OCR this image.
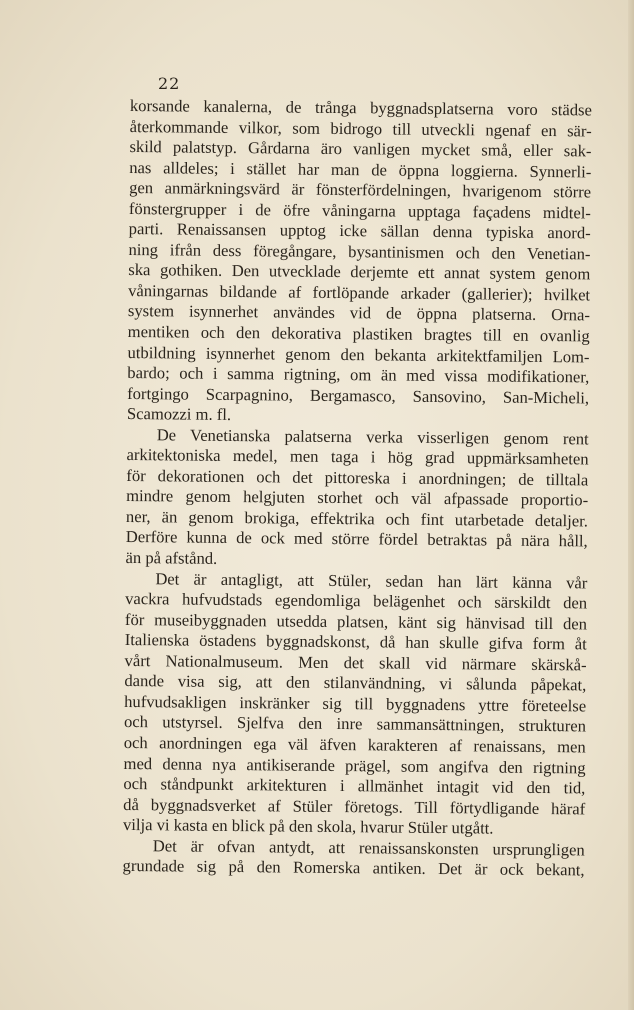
22
korsande kanalerna, de trånga byggnadsplatserna voro städse
återkommande vilkor, som bidrogo till utveckli ngenaf en sär-
skild palatstyp. Gårdarna äro vanligen mycket små, eller sak-
nas alldeles; i stället har man de öppna loggierna. Synnerli-
gen anmärkningsvärd är fönsterfördelningen, hvarigenom större
fönstergrupper i de öfre våningarna upptaga façadens midtel-
parti. Renaissansen upptog icke sällan denna typiska anord-
ning ifrån dess föregångare, bysantinismen och den Venetian-
ska gothiken. Den utvecklade derjemte ett annat system genom
våningarnas bildande af fortlöpande arkader (gallerier); hvilket
system isynnerhet användes vid de öppna platserna. Orna-
mentiken och den dekorativa plastiken bragtes till en ovanlig
utbildning isynnerhet genom den bekanta arkitektfamiljen Lom-
bardo; och i samma rigtning, om än med vissa modifikationer,
fortgingo Scarpagnino, Bergamasco, Sansovino, San-Micheli,
Scamozzi m. fl.
De Venetianska palatserna verka visserligen genom rent
arkitektoniska medel, men taga i hög grad uppmärksamheten
för dekorationen och det pittoreska i anordningen; de tilltala
mindre genom helgjuten storhet och väl afpassade proportio-
ner, än genom brokiga, effektrika och fint utarbetade detaljer.
Derföre kunna de ock med större fördel betraktas på nära håll,
än på afstånd.
Det är antagligt, att Stüler, sedan han lärt känna vår
vackra hufvudstads egendomliga belägenhet och särskildt den
för museibyggnaden utsedda platsen, känt sig hänvisad till den
Italienska östadens byggnadskonst, då han skulle gifva form åt
vårt Nationalmuseum. Men det skall vid närmare skärskå-
dande visa sig, att den stilanvändning, vi sålunda påpekat,
hufvudsakligen inskränker sig till byggnadens yttre företeelse
och utstyrsel. Sjelfva den inre sammansättningen, strukturen
och anordningen ega väl äfven karakteren af renaissans, men
med denna nya antikiserande prägel, som angifva den rigtning
och ståndpunkt arkitekturen i allmänhet intagit vid den tid,
då byggnadsverket af Stüler företogs. Till förtydligande häraf
vilja vi kasta en blick på den skola, hvarur Stüler utgått.
Det är ofvan antydt, att renaissanskonsten ursprungligen
grundade sig på den Romerska antiken. Det är ock bekant,
